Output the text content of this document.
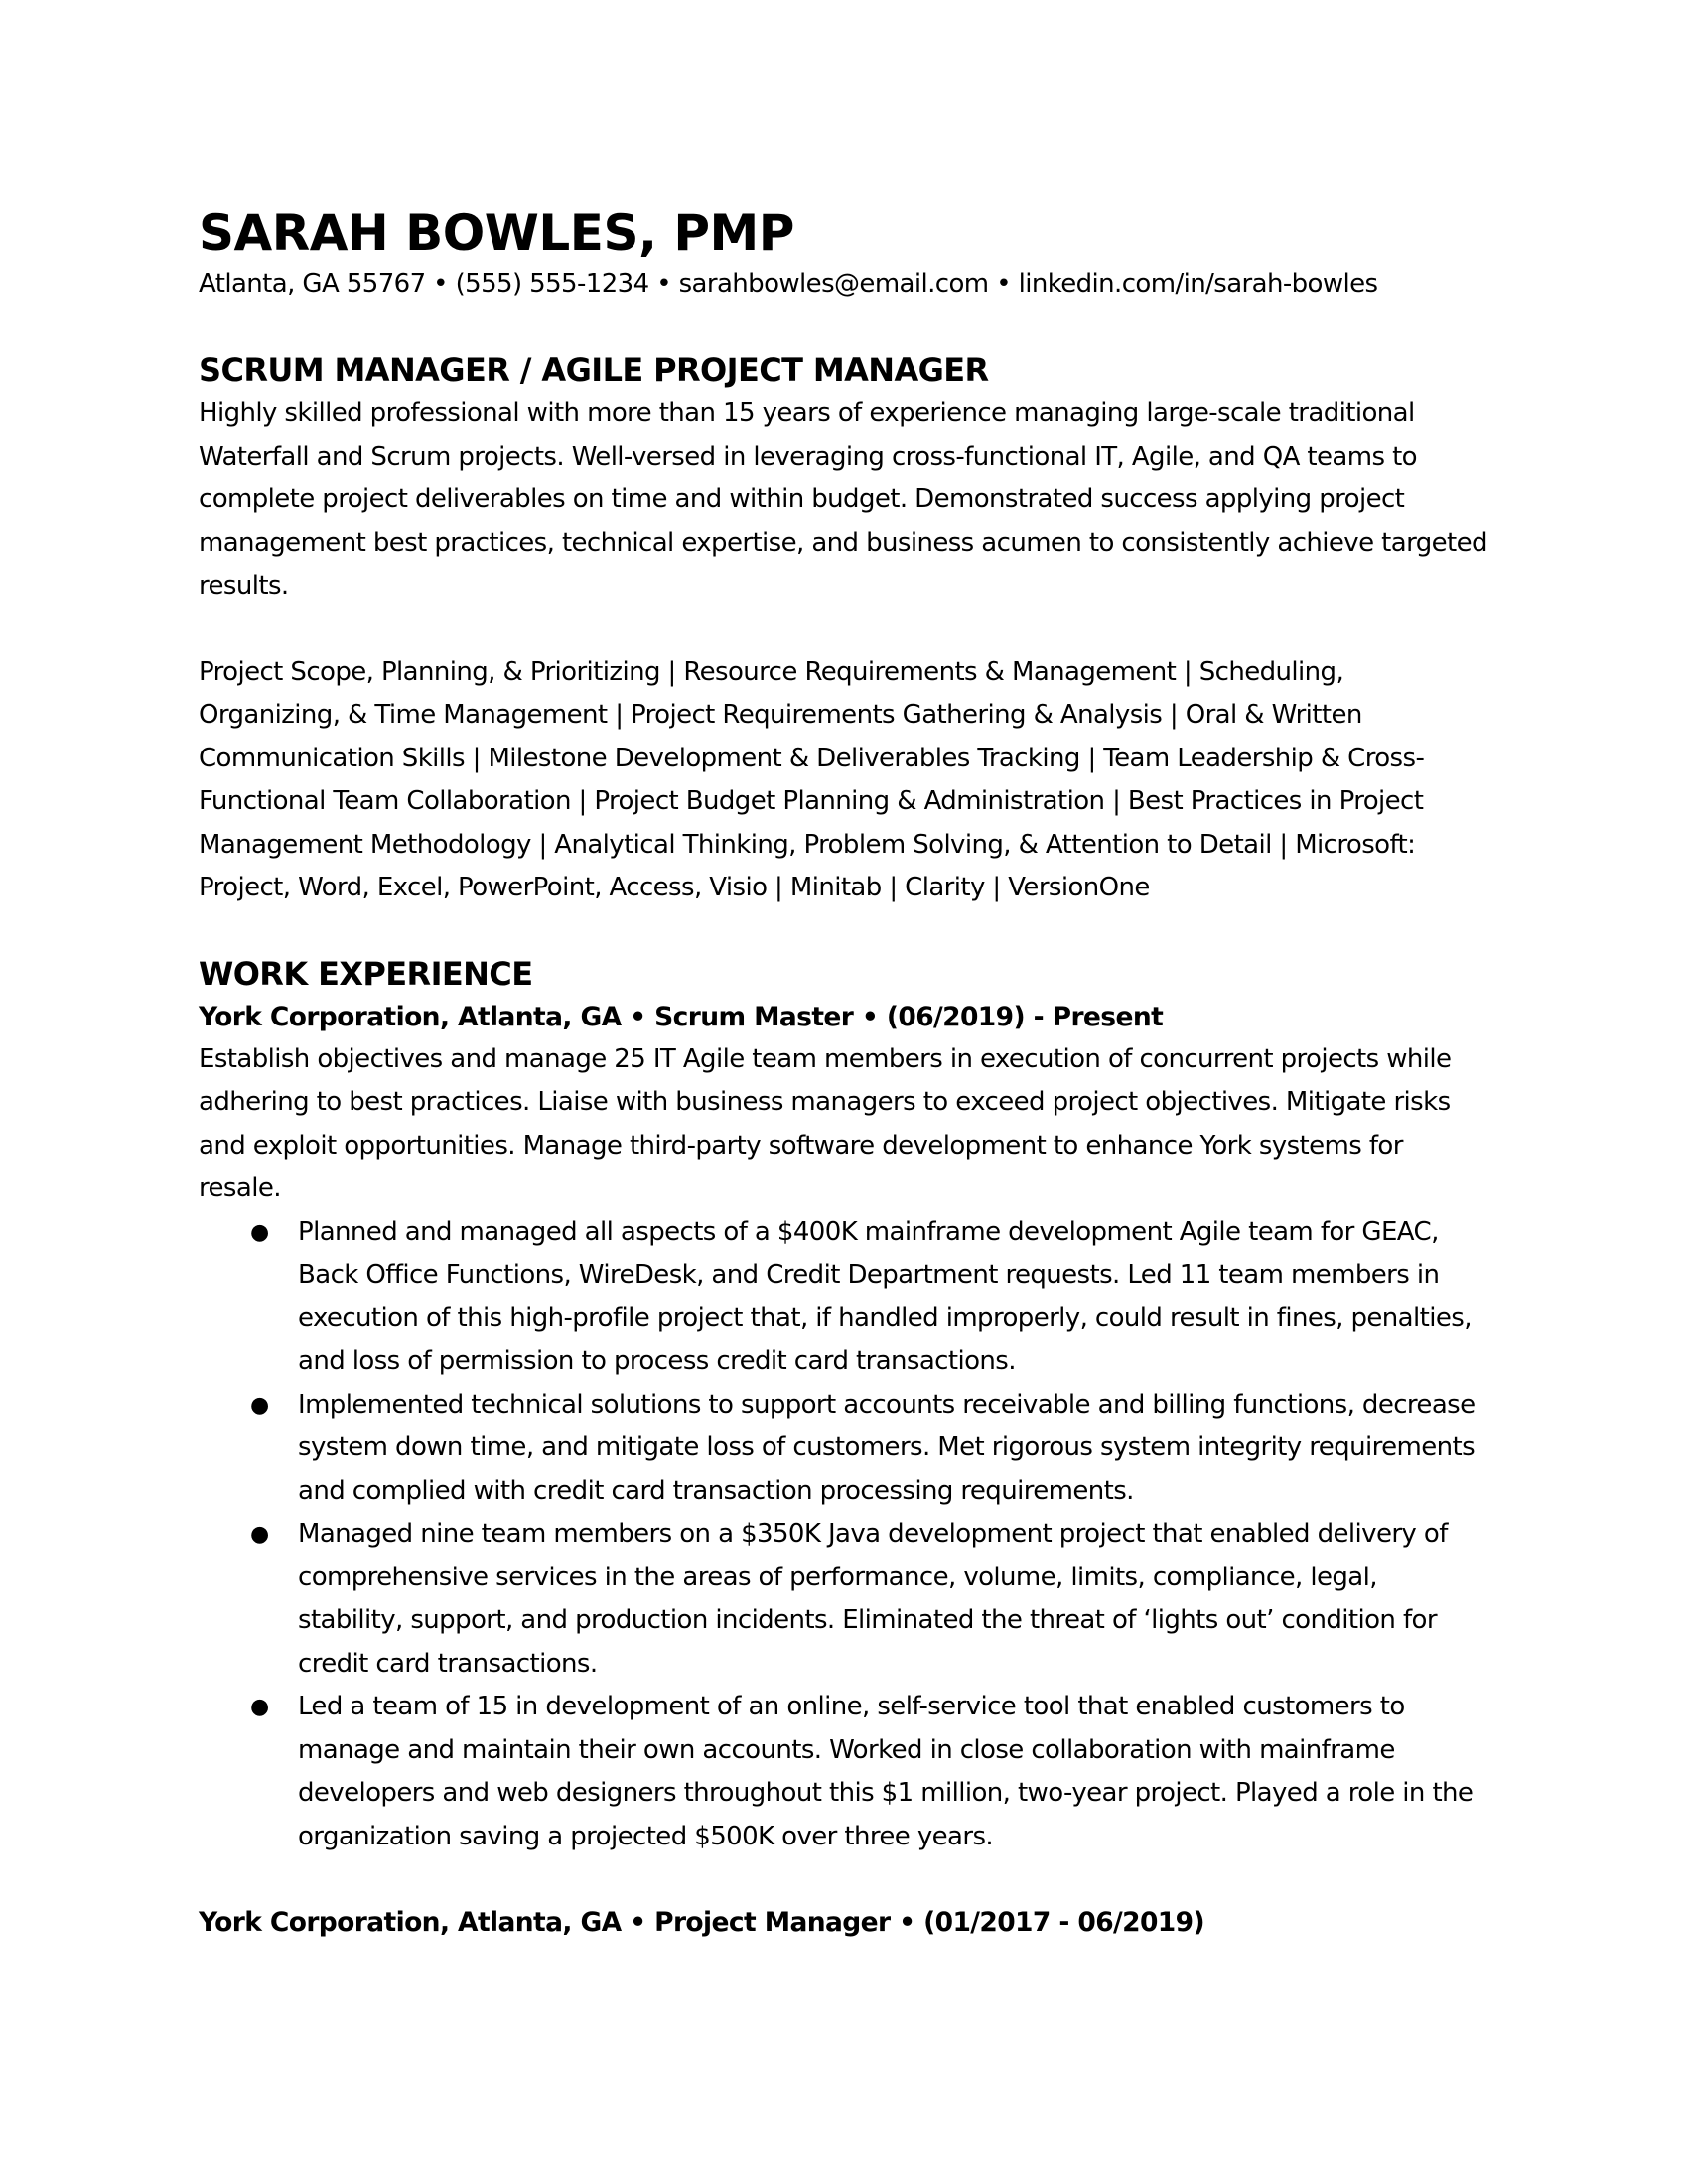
SARAH BOWLES, PMP

Atlanta, GA 55767 • (555) 555-1234 • sarahbowles@email.com • linkedin.com/in/sarah-bowles

SCRUM MANAGER / AGILE PROJECT MANAGER

Highly skilled professional with more than 15 years of experience managing large-scale traditional Waterfall and Scrum projects. Well-versed in leveraging cross-functional IT, Agile, and QA teams to complete project deliverables on time and within budget. Demonstrated success applying project management best practices, technical expertise, and business acumen to consistently achieve targeted results.

Project Scope, Planning, & Prioritizing | Resource Requirements & Management | Scheduling, Organizing, & Time Management | Project Requirements Gathering & Analysis | Oral & Written Communication Skills | Milestone Development & Deliverables Tracking | Team Leadership & Cross-Functional Team Collaboration | Project Budget Planning & Administration | Best Practices in Project Management Methodology | Analytical Thinking, Problem Solving, & Attention to Detail | Microsoft: Project, Word, Excel, PowerPoint, Access, Visio | Minitab | Clarity | VersionOne

WORK EXPERIENCE

York Corporation, Atlanta, GA • Scrum Master • (06/2019) - Present

Establish objectives and manage 25 IT Agile team members in execution of concurrent projects while adhering to best practices. Liaise with business managers to exceed project objectives. Mitigate risks and exploit opportunities. Manage third-party software development to enhance York systems for resale.

● Planned and managed all aspects of a $400K mainframe development Agile team for GEAC, Back Office Functions, WireDesk, and Credit Department requests. Led 11 team members in execution of this high-profile project that, if handled improperly, could result in fines, penalties, and loss of permission to process credit card transactions.
● Implemented technical solutions to support accounts receivable and billing functions, decrease system down time, and mitigate loss of customers. Met rigorous system integrity requirements and complied with credit card transaction processing requirements.
● Managed nine team members on a $350K Java development project that enabled delivery of comprehensive services in the areas of performance, volume, limits, compliance, legal, stability, support, and production incidents. Eliminated the threat of ‘lights out’ condition for credit card transactions.
● Led a team of 15 in development of an online, self-service tool that enabled customers to manage and maintain their own accounts. Worked in close collaboration with mainframe developers and web designers throughout this $1 million, two-year project. Played a role in the organization saving a projected $500K over three years.

York Corporation, Atlanta, GA • Project Manager • (01/2017 - 06/2019)
